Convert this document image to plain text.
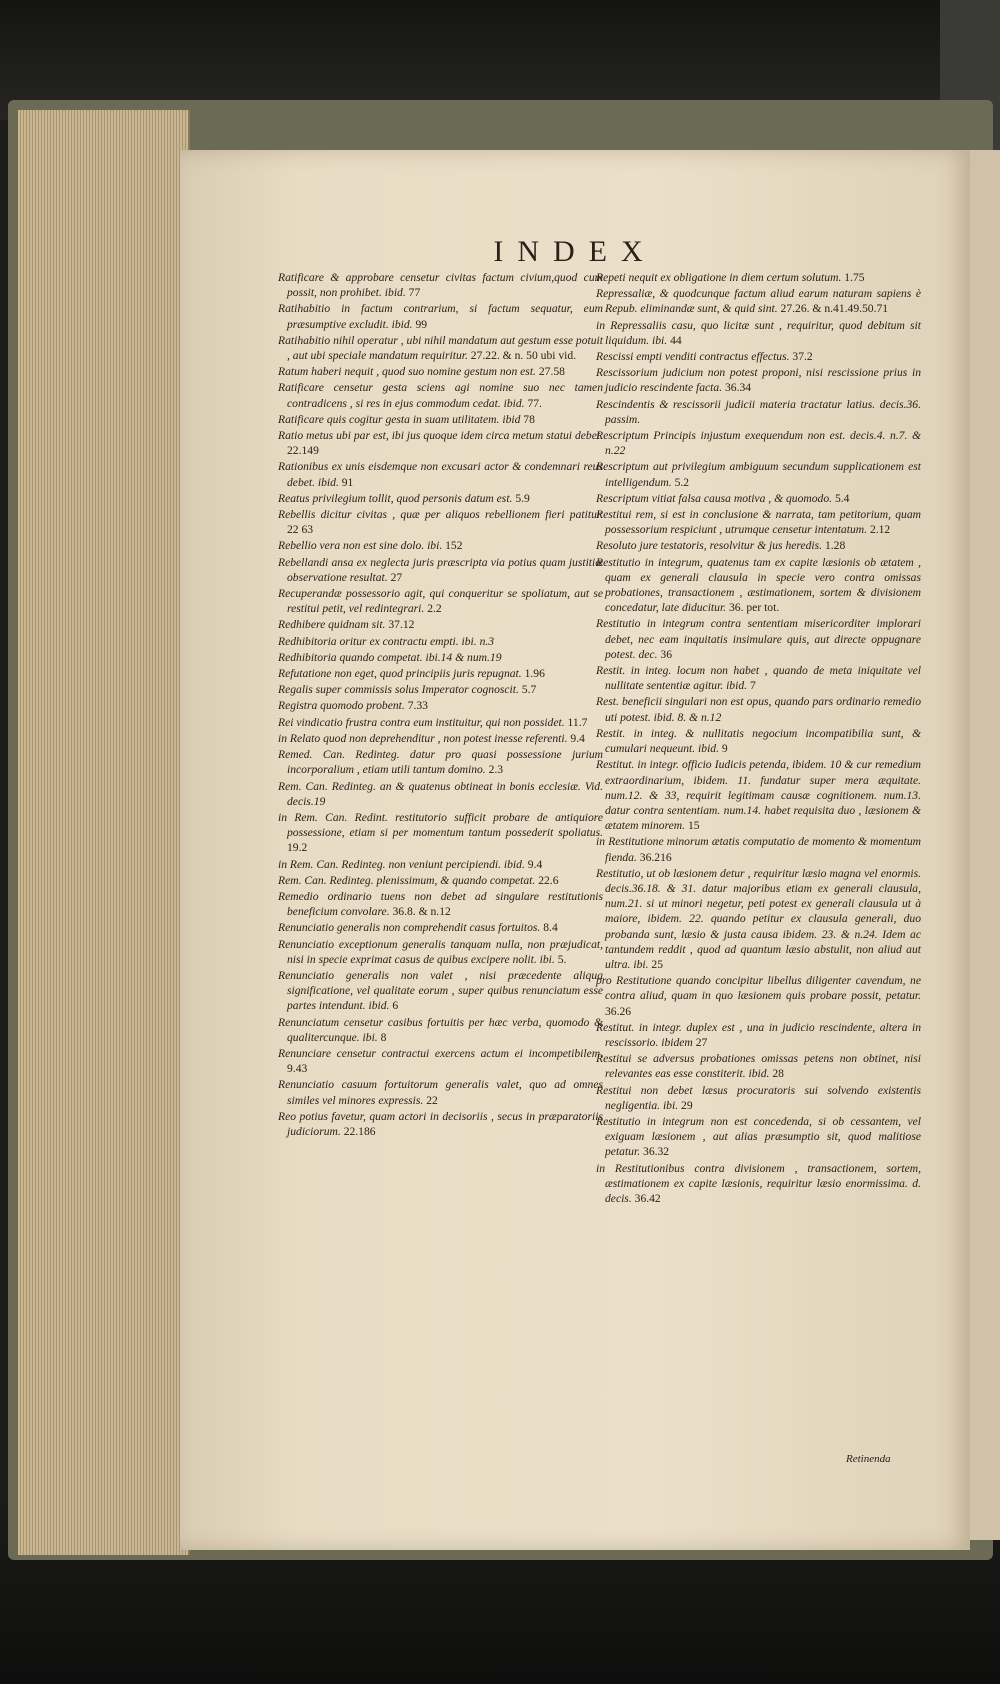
INDEX

Ratificare & approbare censetur civitas factum civium,quod cum possit, non prohibet. ibid. 77

Ratihabitio in factum contrarium, si factum sequatur, eum præsumptive excludit. ibid. 99

Ratihabitio nihil operatur , ubi nihil mandatum aut gestum esse potuit , aut ubi speciale mandatum requiritur. 27.22. & n. 50 ubi vid.

Ratum haberi nequit , quod suo nomine gestum non est. 27.58

Ratificare censetur gesta sciens agi nomine suo nec tamen contradicens , si res in ejus commodum cedat. ibid. 77.

Ratificare quis cogitur gesta in suam utilitatem. ibid 78

Ratio metus ubi par est, ibi jus quoque idem circa metum statui debet. 22.149

Rationibus ex unis eisdemque non excusari actor & condemnari reus debet. ibid. 91

Reatus privilegium tollit, quod personis datum est. 5.9

Rebellis dicitur civitas , quæ per aliquos rebellionem fieri patitur. 22 63

Rebellio vera non est sine dolo. ibi. 152

Rebellandi ansa ex neglecta juris præscripta via potius quam justitiæ observatione resultat. 27

Recuperandæ possessorio agit, qui conqueritur se spoliatum, aut se restitui petit, vel redintegrari. 2.2

Redhibere quidnam sit. 37.12

Redhibitoria oritur ex contractu empti. ibi. n.3

Redhibitoria quando competat. ibi.14 & num.19

Refutatione non eget, quod principiis juris repugnat. 1.96

Regalis super commissis solus Imperator cognoscit. 5.7

Registra quomodo probent. 7.33

Rei vindicatio frustra contra eum instituitur, qui non possidet. 11.7

in Relato quod non deprehenditur , non potest inesse referenti. 9.4

Remed. Can. Redinteg. datur pro quasi possessione jurium incorporalium , etiam utili tantum domino. 2.3

Rem. Can. Redinteg. an & quatenus obtineat in bonis ecclesiæ. Vid. decis.19

in Rem. Can. Redint. restitutorio sufficit probare de antiquiore possessione, etiam si per momentum tantum possederit spoliatus. 19.2

in Rem. Can. Redinteg. non veniunt percipiendi. ibid. 9.4

Rem. Can. Redinteg. plenissimum, & quando competat. 22.6

Remedio ordinario tuens non debet ad singulare restitutionis beneficium convolare. 36.8. & n.12

Renunciatio generalis non comprehendit casus fortuitos. 8.4

Renunciatio exceptionum generalis tanquam nulla, non præjudicat, nisi in specie exprimat casus de quibus excipere nolit. ibi. 5.

Renunciatio generalis non valet , nisi præcedente aliqua significatione, vel qualitate eorum , super quibus renunciatum esse partes intendunt. ibid. 6

Renunciatum censetur casibus fortuitis per hæc verba, quomodo & qualitercunque. ibi. 8

Renunciare censetur contractui exercens actum ei incompetibilem. 9.43

Renunciatio casuum fortuitorum generalis valet, quo ad omnes similes vel minores expressis. 22

Reo potius favetur, quam actori in decisoriis , secus in præparatoriis judiciorum. 22.186

Repeti nequit ex obligatione in diem certum solutum. 1.75

Repressaliæ, & quodcunque factum aliud earum naturam sapiens è Repub. eliminandæ sunt, & quid sint. 27.26. & n.41.49.50.71

in Repressaliis casu, quo licitæ sunt , requiritur, quod debitum sit liquidum. ibi. 44

Rescissi empti venditi contractus effectus. 37.2

Rescissorium judicium non potest proponi, nisi rescissione prius in judicio rescindente facta. 36.34

Rescindentis & rescissorii judicii materia tractatur latius. decis.36. passim.

Rescriptum Principis injustum exequendum non est. decis.4. n.7. & n.22

Rescriptum aut privilegium ambiguum secundum supplicationem est intelligendum. 5.2

Rescriptum vitiat falsa causa motiva , & quomodo. 5.4

Restitui rem, si est in conclusione & narrata, tam petitorium, quam possessorium respiciunt , utrumque censetur intentatum. 2.12

Resoluto jure testatoris, resolvitur & jus heredis. 1.28

Restitutio in integrum, quatenus tam ex capite læsionis ob ætatem , quam ex generali clausula in specie vero contra omissas probationes, transactionem , æstimationem, sortem & divisionem concedatur, late diducitur. 36. per tot.

Restitutio in integrum contra sententiam misericorditer implorari debet, nec eam inquitatis insimulare quis, aut directe oppugnare potest. dec. 36

Restit. in integ. locum non habet , quando de meta iniquitate vel nullitate sententiæ agitur. ibid. 7

Rest. beneficii singulari non est opus, quando pars ordinario remedio uti potest. ibid. 8. & n.12

Restit. in integ. & nullitatis negocium incompatibilia sunt, & cumulari nequeunt. ibid. 9

Restitut. in integr. officio Iudicis petenda, ibidem. 10 & cur remedium extraordinarium, ibidem. 11. fundatur super mera æquitate. num.12. & 33, requirit legitimam causæ cognitionem. num.13. datur contra sententiam. num.14. habet requisita duo , læsionem & ætatem minorem. 15

in Restitutione minorum ætatis computatio de momento & momentum fienda. 36.216

Restitutio, ut ob læsionem detur , requiritur læsio magna vel enormis. decis.36.18. & 31. datur majoribus etiam ex generali clausula, num.21. si ut minori negetur, peti potest ex generali clausula ut à maiore, ibidem. 22. quando petitur ex clausula generali, duo probanda sunt, læsio & justa causa ibidem. 23. & n.24. Idem ac tantundem reddit , quod ad quantum læsio abstulit, non aliud aut ultra. ibi. 25

pro Restitutione quando concipitur libellus diligenter cavendum, ne contra aliud, quam in quo læsionem quis probare possit, petatur. 36.26

Restitut. in integr. duplex est , una in judicio rescindente, altera in rescissorio. ibidem 27

Restitui se adversus probationes omissas petens non obtinet, nisi relevantes eas esse constiterit. ibid. 28

Restitui non debet læsus procuratoris sui solvendo existentis negligentia. ibi. 29

Restitutio in integrum non est concedenda, si ob cessantem, vel exiguam læsionem , aut alias præsumptio sit, quod malitiose petatur. 36.32

in Restitutionibus contra divisionem , transactionem, sortem, æstimationem ex capite læsionis, requiritur læsio enormissima. d. decis. 36.42

Retinenda
